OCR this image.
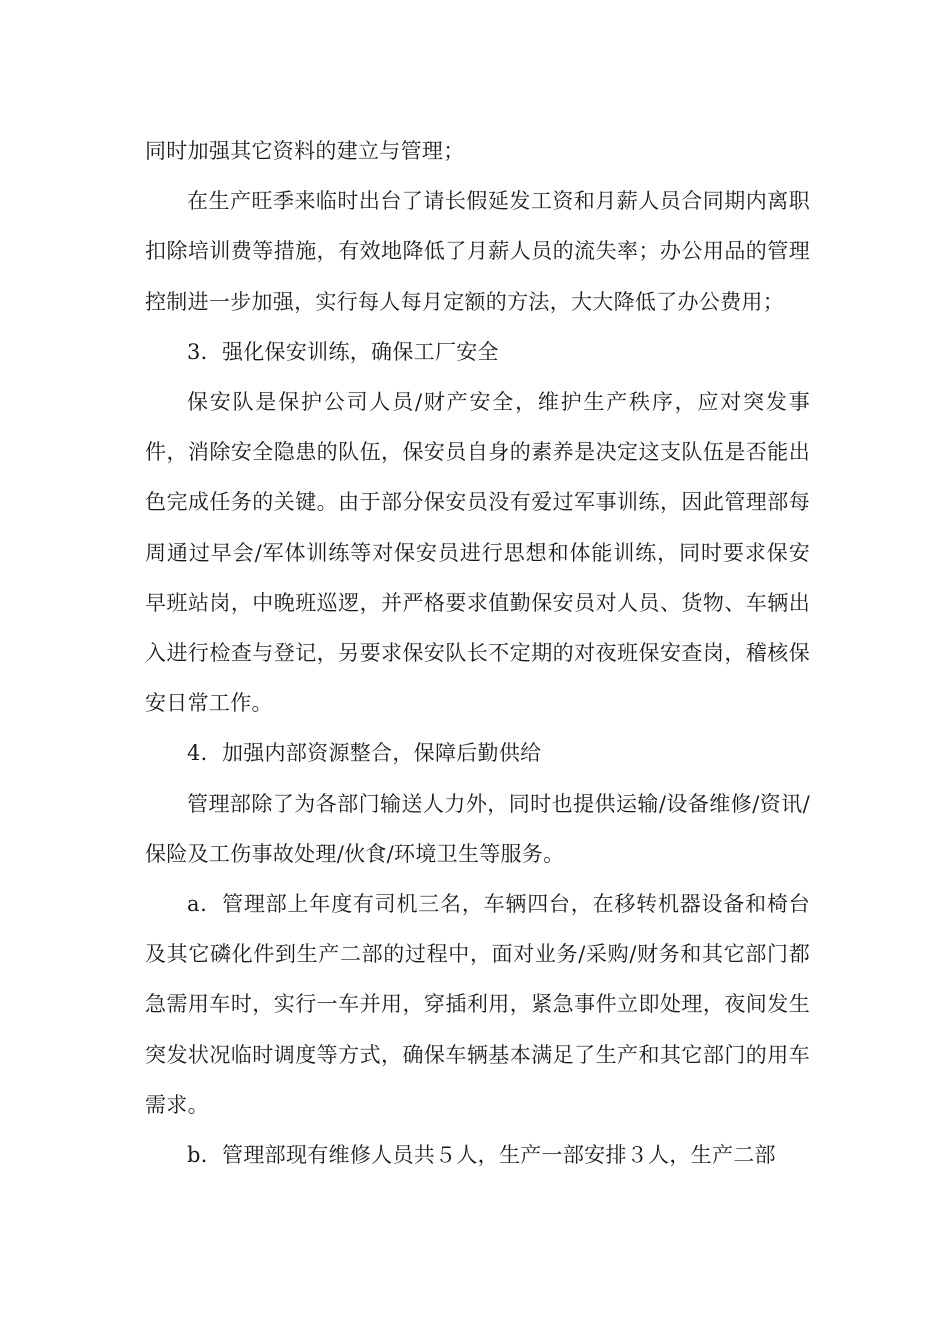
同时加强其它资料的建立与管理；

在生产旺季来临时出台了请长假延发工资和月薪人员合同期内离职扣除培训费等措施，有效地降低了月薪人员的流失率；办公用品的管理控制进一步加强，实行每人每月定额的方法，大大降低了办公费用；

3．强化保安训练，确保工厂安全

保安队是保护公司人员/财产安全，维护生产秩序，应对突发事件，消除安全隐患的队伍，保安员自身的素养是决定这支队伍是否能出色完成任务的关键。由于部分保安员没有爱过军事训练，因此管理部每周通过早会/军体训练等对保安员进行思想和体能训练，同时要求保安早班站岗，中晚班巡逻，并严格要求值勤保安员对人员、货物、车辆出入进行检查与登记，另要求保安队长不定期的对夜班保安查岗，稽核保安日常工作。

4．加强内部资源整合，保障后勤供给

管理部除了为各部门输送人力外，同时也提供运输/设备维修/资讯/保险及工伤事故处理/伙食/环境卫生等服务。

a．管理部上年度有司机三名，车辆四台，在移转机器设备和椅台及其它磷化件到生产二部的过程中，面对业务/采购/财务和其它部门都急需用车时，实行一车并用，穿插利用，紧急事件立即处理，夜间发生突发状况临时调度等方式，确保车辆基本满足了生产和其它部门的用车需求。

b．管理部现有维修人员共５人，生产一部安排３人，生产二部
